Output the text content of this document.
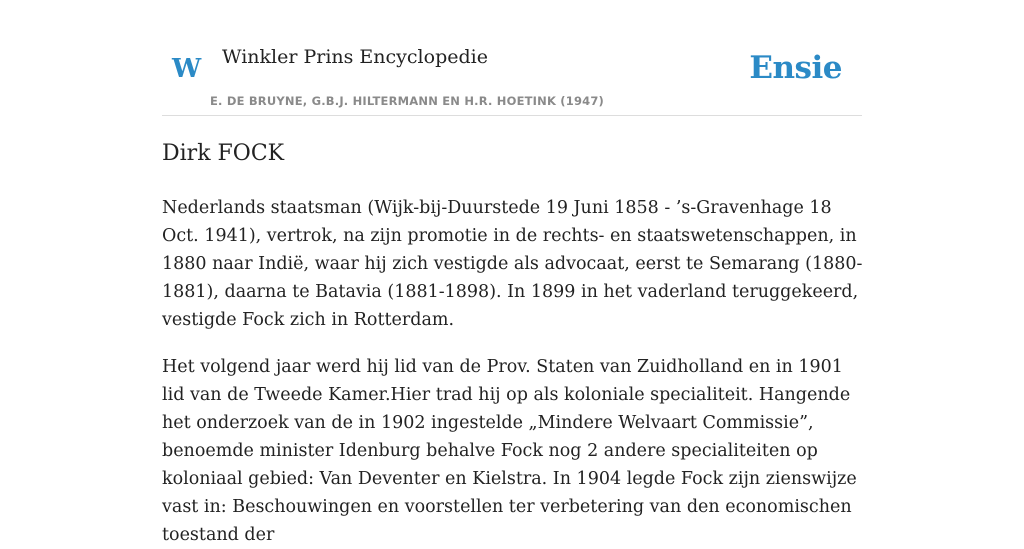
W Winkler Prins Encyclopedie
E. DE BRUYNE, G.B.J. HILTERMANN EN H.R. HOETINK (1947)
Ensie
Dirk FOCK

Nederlands staatsman (Wijk-bij-Duurstede 19 Juni 1858 - ’s-Gravenhage 18 Oct. 1941), vertrok, na zijn promotie in de rechts- en staatswetenschappen, in 1880 naar Indië, waar hij zich vestigde als advocaat, eerst te Semarang (1880-1881), daarna te Batavia (1881-1898). In 1899 in het vaderland teruggekeerd, vestigde Fock zich in Rotterdam.

Het volgend jaar werd hij lid van de Prov. Staten van Zuidholland en in 1901 lid van de Tweede Kamer.Hier trad hij op als koloniale specialiteit. Hangende het onderzoek van de in 1902 ingestelde „Mindere Welvaart Commissie”, benoemde minister Idenburg behalve Fock nog 2 andere specialiteiten op koloniaal gebied: Van Deventer en Kielstra. In 1904 legde Fock zijn zienswijze vast in: Beschouwingen en voorstellen ter verbetering van den economischen toestand der
